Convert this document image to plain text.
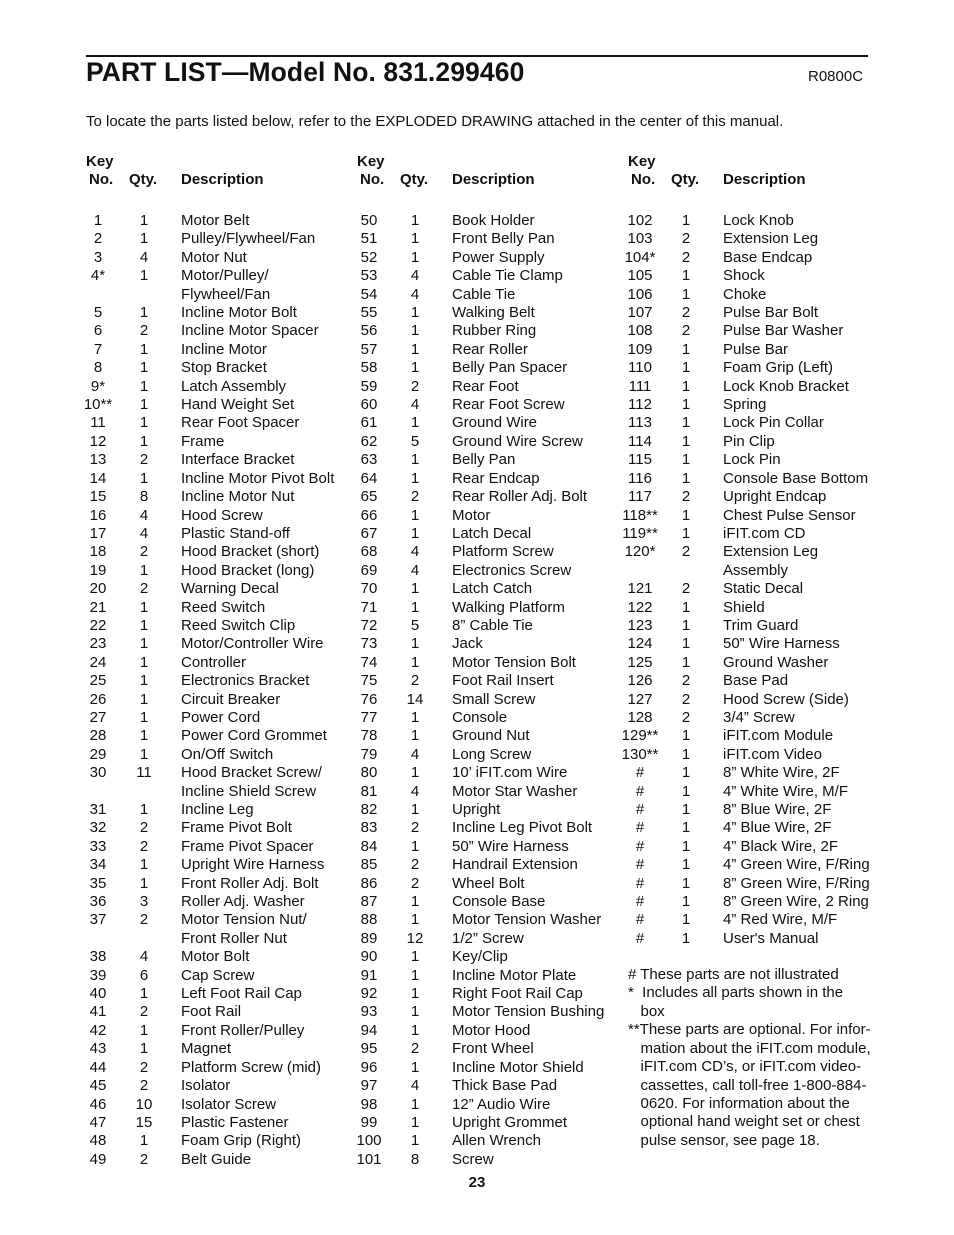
PART LIST—Model No. 831.299460	R0800C
To locate the parts listed below, refer to the EXPLODED DRAWING attached in the center of this manual.
Key
No. Qty. Description
Key
No. Qty. Description
Key
No. Qty. Description
1	1	Motor Belt
2	1	Pulley/Flywheel/Fan
3	4	Motor Nut
4*	1	Motor/Pulley/
Flywheel/Fan
5	1	Incline Motor Bolt
6	2	Incline Motor Spacer
7	1	Incline Motor
8	1	Stop Bracket
9*	1	Latch Assembly
10**	1	Hand Weight Set
11	1	Rear Foot Spacer
12	1	Frame
13	2	Interface Bracket
14	1	Incline Motor Pivot Bolt
15	8	Incline Motor Nut
16	4	Hood Screw
17	4	Plastic Stand-off
18	2	Hood Bracket (short)
19	1	Hood Bracket (long)
20	2	Warning Decal
21	1	Reed Switch
22	1	Reed Switch Clip
23	1	Motor/Controller Wire
24	1	Controller
25	1	Electronics Bracket
26	1	Circuit Breaker
27	1	Power Cord
28	1	Power Cord Grommet
29	1	On/Off Switch
30	11 Hood Bracket Screw/
Incline Shield Screw
31	1	Incline Leg
32	2	Frame Pivot Bolt
33	2	Frame Pivot Spacer
34	1	Upright Wire Harness
35	1	Front Roller Adj. Bolt
36	3	Roller Adj. Washer
37	2	Motor Tension Nut/
Front Roller Nut
38	4	Motor Bolt
39	6	Cap Screw
40	1	Left Foot Rail Cap
41	2	Foot Rail
42	1	Front Roller/Pulley
43	1	Magnet
44	2	Platform Screw (mid)
45	2	Isolator
46	10 Isolator Screw
47	15 Plastic Fastener
48	1	Foam Grip (Right)
49	2	Belt Guide
50	1	Book Holder
51	1	Front Belly Pan
52	1	Power Supply
53	4	Cable Tie Clamp
54	4	Cable Tie
55	1	Walking Belt
56	1	Rubber Ring
57	1	Rear Roller
58	1	Belly Pan Spacer
59	2	Rear Foot
60	4	Rear Foot Screw
61	1	Ground Wire
62	5	Ground Wire Screw
63	1	Belly Pan
64	1	Rear Endcap
65	2	Rear Roller Adj. Bolt
66	1	Motor
67	1	Latch Decal
68	4	Platform Screw
69	4	Electronics Screw
70	1	Latch Catch
71	1	Walking Platform
72	5	8” Cable Tie
73	1	Jack
74	1	Motor Tension Bolt
75	2	Foot Rail Insert
76	14 Small Screw
77	1	Console
78	1	Ground Nut
79	4	Long Screw
80	1	10’ iFIT.com Wire
81	4	Motor Star Washer
82	1	Upright
83	2	Incline Leg Pivot Bolt
84	1	50” Wire Harness
85	2	Handrail Extension
86	2	Wheel Bolt
87	1	Console Base
88	1	Motor Tension Washer
89	12 1/2” Screw
90	1	Key/Clip
91	1	Incline Motor Plate
92	1	Right Foot Rail Cap
93	1	Motor Tension Bushing
94	1	Motor Hood
95	2	Front Wheel
96	1	Incline Motor Shield
97	4	Thick Base Pad
98	1	12” Audio Wire
99	1	Upright Grommet
100	1	Allen Wrench
101	8	Screw
102	1	Lock Knob
103	2	Extension Leg
104*	2	Base Endcap
105	1	Shock
106	1	Choke
107	2	Pulse Bar Bolt
108	2	Pulse Bar Washer
109	1	Pulse Bar
110	1	Foam Grip (Left)
111	1	Lock Knob Bracket
112	1	Spring
113	1	Lock Pin Collar
114	1	Pin Clip
115	1	Lock Pin
116	1	Console Base Bottom
117	2	Upright Endcap
118**	1	Chest Pulse Sensor
119**	1	iFIT.com CD
120*	2	Extension Leg
Assembly
121	2	Static Decal
122	1	Shield
123	1	Trim Guard
124	1	50” Wire Harness
125	1	Ground Washer
126	2	Base Pad
127	2	Hood Screw (Side)
128	2	3/4” Screw
129**	1	iFIT.com Module
130**	1	iFIT.com Video
#	1	8” White Wire, 2F
#	1	4” White Wire, M/F
#	1	8” Blue Wire, 2F
#	1	4” Blue Wire, 2F
#	1	4” Black Wire, 2F
#	1	4” Green Wire, F/Ring
#	1	8” Green Wire, F/Ring
#	1	8” Green Wire, 2 Ring
#	1	4” Red Wire, M/F
#	1	User's Manual
# These parts are not illustrated
*  Includes all parts shown in the
box
**These parts are optional. For infor-
mation about the iFIT.com module,
iFIT.com CD’s, or iFIT.com video-
cassettes, call toll-free 1-800-884-
0620. For information about the
optional hand weight set or chest
pulse sensor, see page 18.
23
